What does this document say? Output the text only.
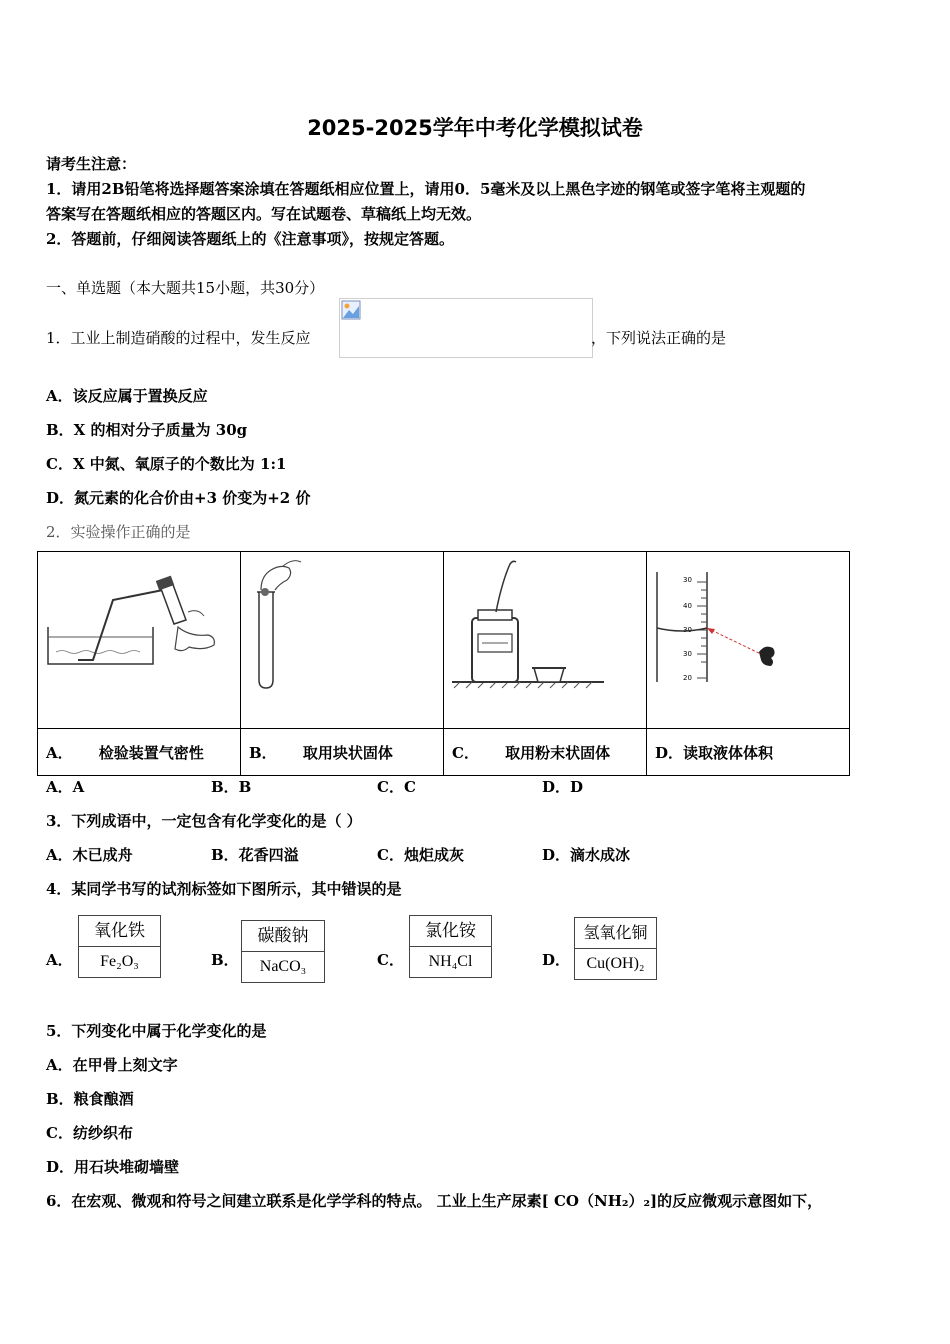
2025-2025学年中考化学模拟试卷
请考生注意：
1．请用2B铅笔将选择题答案涂填在答题纸相应位置上，请用0．5毫米及以上黑色字迹的钢笔或签字笔将主观题的
答案写在答题纸相应的答题区内。写在试题卷、草稿纸上均无效。
2．答题前，仔细阅读答题纸上的《注意事项》，按规定答题。
一、单选题（本大题共15小题，共30分）
1．工业上制造硝酸的过程中，发生反应	，下列说法正确的是
A．该反应属于置换反应
B．X 的相对分子质量为 30g
C．X 中氮、氧原子的个数比为 1:1
D．氮元素的化合价由+3 价变为+2 价
2．实验操作正确的是

30
40
30
30
20

A． 检验装置气密性	B． 取用块状固体	C． 取用粉末状固体	D．读取液体体积
A．A	B．B	C．C	D．D
3．下列成语中，一定包含有化学变化的是（ ）
A．木已成舟	B．花香四溢	C．烛炬成灰	D．滴水成冰
4．某同学书写的试剂标签如下图所示，其中错误的是
A．
氧化铁
Fe₂O₃	B．
碳酸钠
NaCO₃	C．
氯化铵
NH₄Cl	D．
氢氧化铜
Cu(OH)₂
5．下列变化中属于化学变化的是
A．在甲骨上刻文字
B．粮食酿酒
C．纺纱织布
D．用石块堆砌墙壁
6．在宏观、微观和符号之间建立联系是化学学科的特点。 工业上生产尿素[ CO（NH₂）₂]的反应微观示意图如下，
